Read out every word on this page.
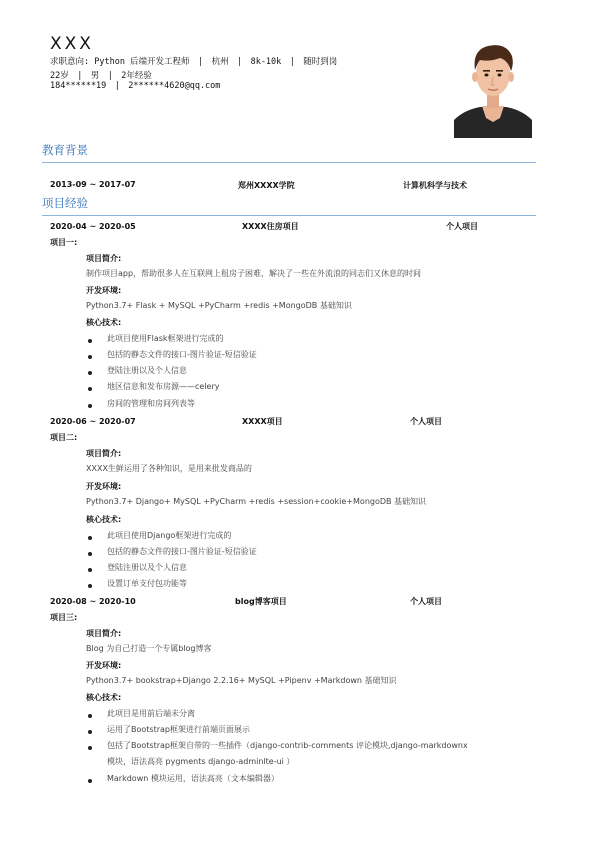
XXX
求职意向: Python 后端开发工程师 | 杭州 | 8k-10k | 随时到岗
22岁 | 男 | 2年经验
184******19 | 2******4620@qq.com
教育背景
2013-09 ~ 2017-07	郑州XXXX学院	计算机科学与技术
项目经验
2020-04 ~ 2020-05	XXXX住房项目	个人项目
项目一:
项目简介:
制作项目app，帮助很多人在互联网上租房子困难，解决了一些在外流浪的同志们又休息的时间
开发环境:
Python3.7+ Flask + MySQL +PyCharm +redis +MongoDB 基础知识
核心技术:
此项目使用Flask框架进行完成的
包括的静态文件的接口-图片验证-短信验证
登陆注册以及个人信息
地区信息和发布房源——celery
房间的管理和房间列表等
2020-06 ~ 2020-07	XXXX项目	个人项目
项目二:
项目简介:
XXXX生鲜运用了各种知识，是用来批发商品的
开发环境:
Python3.7+ Django+ MySQL +PyCharm +redis +session+cookie+MongoDB 基础知识
核心技术:
此项目使用Django框架进行完成的
包括的静态文件的接口-图片验证-短信验证
登陆注册以及个人信息
设置订单支付包功能等
2020-08 ~ 2020-10	blog博客项目	个人项目
项目三:
项目简介:
Blog 为自己打造一个专属blog博客
开发环境:
Python3.7+ bookstrap+Django 2.2.16+ MySQL +Pipenv +Markdown 基础知识
核心技术:
此项目是用前后端未分离
运用了Bootstrap框架进行前端页面展示
包括了Bootstrap框架自带的一些插件（django-contrib-comments 评论模块,django-markdownx
模块，语法高亮 pygments django-adminlte-ui ）
Markdown 模块运用，语法高亮（文本编辑器）
